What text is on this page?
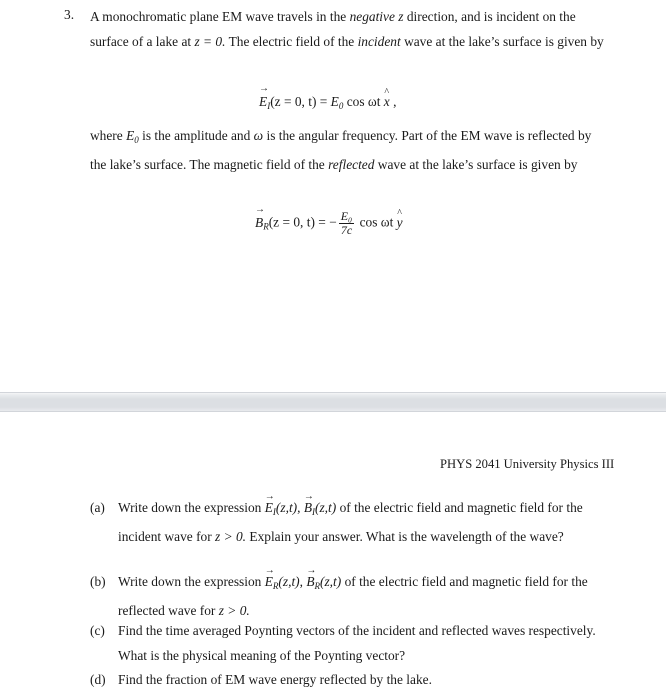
3. A monochromatic plane EM wave travels in the negative z direction, and is incident on the surface of a lake at z = 0. The electric field of the incident wave at the lake’s surface is given by
→ $E_I(z = 0$, $t) = E_0$ cos ωt ^ x ,
where $E_0$ is the amplitude and ω is the angular frequency. Part of the EM wave is reflected by the lake’s surface. The magnetic field of the reflected wave at the lake’s surface is given by
→ $B_R(z = 0$, t) = − $\frac{\text{E₀}}{7c}$ cos ωt ^ y
PHYS 2041 University Physics III
(a) Write down the expression → $E_I(z,t)$, → $B_I(z,t)$ of the electric field and magnetic field for the incident wave for z > 0. Explain your answer. What is the wavelength of the wave?
(b) Write down the expression → $E_R(z,t)$, → $B_R(z,t)$ of the electric field and magnetic field for the reflected wave for z > 0.
(c) Find the time averaged Poynting vectors of the incident and reflected waves respectively. What is the physical meaning of the Poynting vector?
(d) Find the fraction of EM wave energy reflected by the lake.
